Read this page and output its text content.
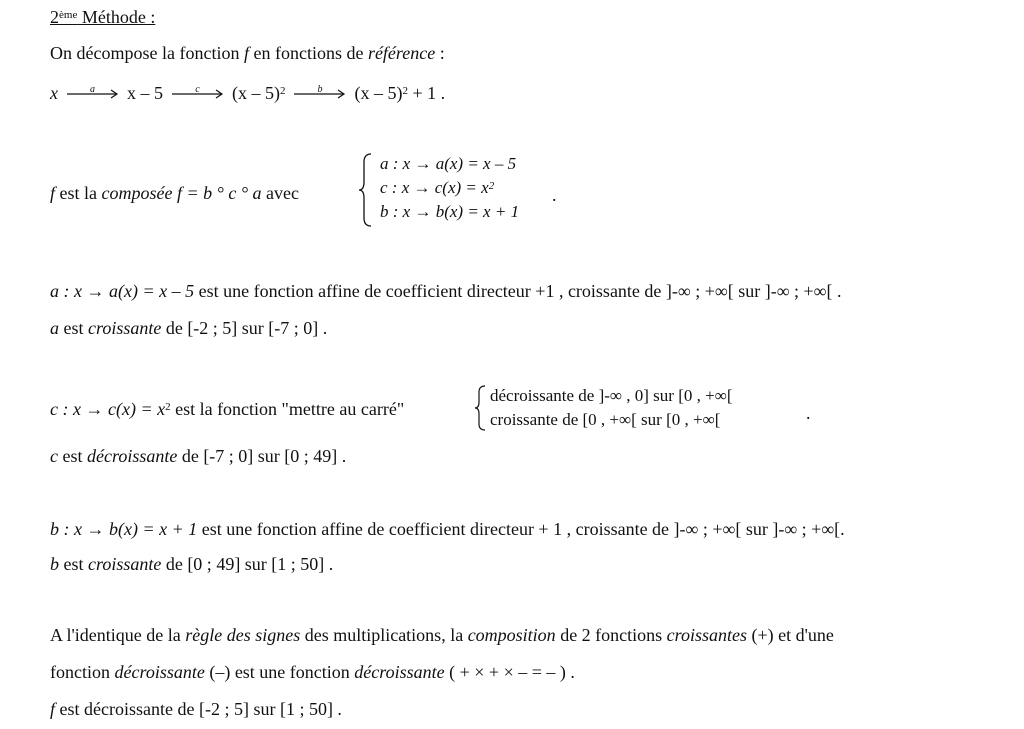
2ème Méthode :
On décompose la fonction f en fonctions de référence :
x	a	x – 5	c	(x – 5)$^2$	b	(x – 5)$^2$ + 1 .
f est la composée f = b ° c ° a avec
a : x → a(x) = x – 5
c : $x \to c(x) = x^2$
b : x → b(x) = x + 1
.
a : x → a(x) = x – 5 est une fonction affine de coefficient directeur +1 , croissante de ]-∞ ; +∞[ sur ]-∞ ; +∞[ .
a est croissante de [-2 ; 5] sur [-7 ; 0] .
c : $x \to c(x) = x^2$ est la fonction "mettre au carré"
décroissante de ]-∞ , 0] sur [0 , +∞[
croissante de [0 , +∞[ sur [0 , +∞[	.
c est décroissante de [-7 ; 0] sur [0 ; 49] .
b : x → b(x) = x + 1 est une fonction affine de coefficient directeur + 1 , croissante de ]-∞ ; +∞[ sur ]-∞ ; +∞[.
b est croissante de [0 ; 49] sur [1 ; 50] .
A l'identique de la règle des signes des multiplications, la composition de 2 fonctions croissantes (+) et d'une
fonction décroissante (–) est une fonction décroissante ( + × + × – = – ) .
f est décroissante de [-2 ; 5] sur [1 ; 50] .
